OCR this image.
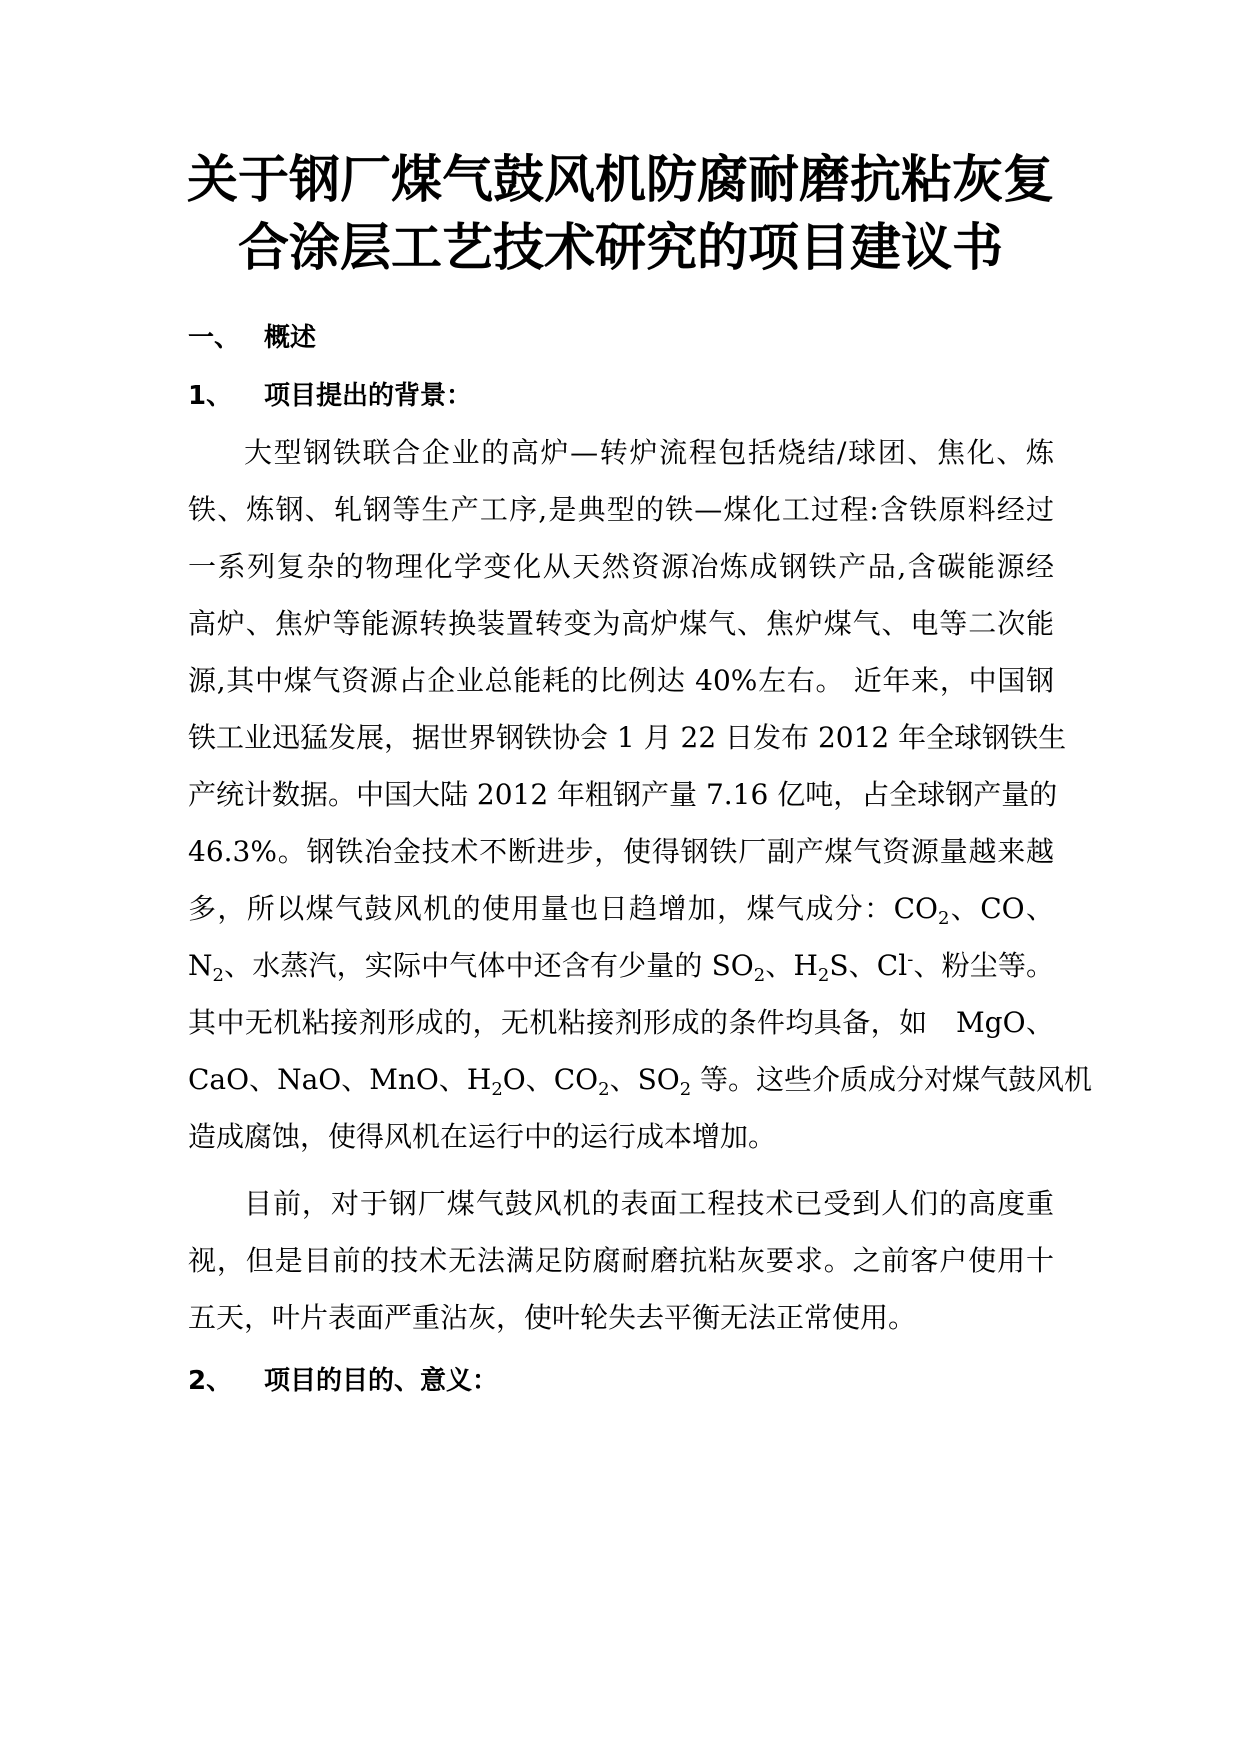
关于钢厂煤气鼓风机防腐耐磨抗粘灰复
合涂层工艺技术研究的项目建议书
一、 概述
1、 项目提出的背景：
大型钢铁联合企业的高炉—转炉流程包括烧结/球团、焦化、炼
铁、炼钢、轧钢等生产工序,是典型的铁—煤化工过程:含铁原料经过
一系列复杂的物理化学变化从天然资源冶炼成钢铁产品,含碳能源经
高炉、焦炉等能源转换装置转变为高炉煤气、焦炉煤气、电等二次能
源,其中煤气资源占企业总能耗的比例达 40%左右。 近年来，中国钢
铁工业迅猛发展，据世界钢铁协会 1 月 22 日发布 2012 年全球钢铁生
产统计数据。中国大陆 2012 年粗钢产量 7.16 亿吨，占全球钢产量的
46.3%。钢铁冶金技术不断进步，使得钢铁厂副产煤气资源量越来越
多，所以煤气鼓风机的使用量也日趋增加，煤气成分：$CO_2$、CO、
$N_2$、水蒸汽，实际中气体中还含有少量的 $SO_2$、$H_2S$、Cl-、粉尘等。
其中无机粘接剂形成的，无机粘接剂形成的条件均具备，如　MgO、
CaO、NaO、MnO、$H_2O$、$CO_2$、$SO_2$ 等。这些介质成分对煤气鼓风机
造成腐蚀，使得风机在运行中的运行成本增加。
目前，对于钢厂煤气鼓风机的表面工程技术已受到人们的高度重
视，但是目前的技术无法满足防腐耐磨抗粘灰要求。之前客户使用十
五天，叶片表面严重沾灰，使叶轮失去平衡无法正常使用。
2、 项目的目的、意义：
